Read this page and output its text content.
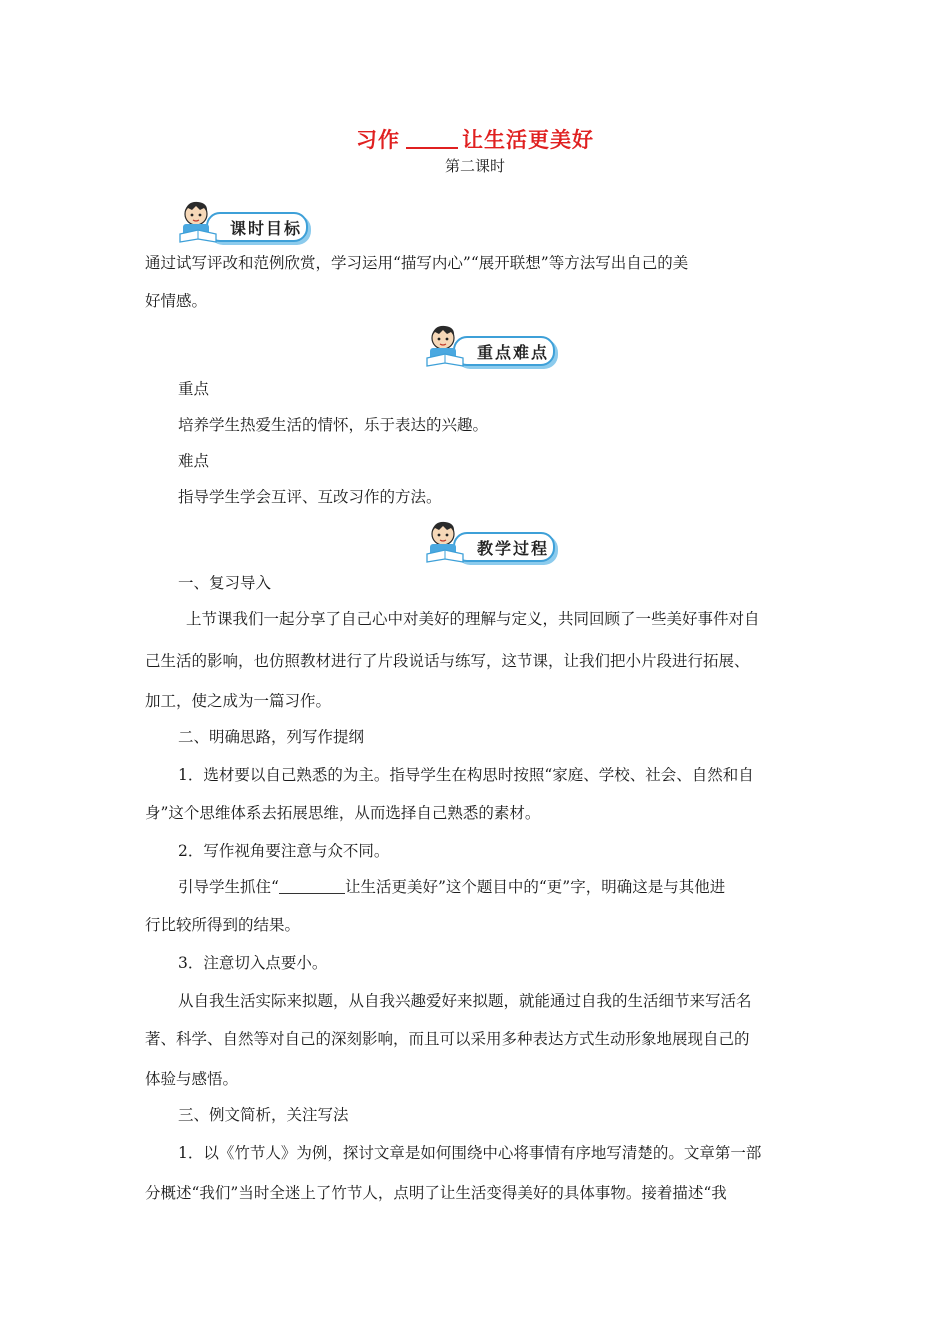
习作	让生活更美好
第二课时
课时目标
通过试写评改和范例欣赏，学习运用“描写内心”“展开联想”等方法写出自己的美
好情感。
重点难点
重点
培养学生热爱生活的情怀，乐于表达的兴趣。
难点
指导学生学会互评、互改习作的方法。
教学过程
一、复习导入
上节课我们一起分享了自己心中对美好的理解与定义，共同回顾了一些美好事件对自
己生活的影响，也仿照教材进行了片段说话与练写，这节课，让我们把小片段进行拓展、
加工，使之成为一篇习作。
二、明确思路，列写作提纲
1．选材要以自己熟悉的为主。指导学生在构思时按照“家庭、学校、社会、自然和自
身”这个思维体系去拓展思维，从而选择自己熟悉的素材。
2．写作视角要注意与众不同。
引导学生抓住“	让生活更美好”这个题目中的“更”字，明确这是与其他进
行比较所得到的结果。
3．注意切入点要小。
从自我生活实际来拟题，从自我兴趣爱好来拟题，就能通过自我的生活细节来写活名
著、科学、自然等对自己的深刻影响，而且可以采用多种表达方式生动形象地展现自己的
体验与感悟。
三、例文简析，关注写法
1．以《竹节人》为例，探讨文章是如何围绕中心将事情有序地写清楚的。文章第一部
分概述“我们”当时全迷上了竹节人，点明了让生活变得美好的具体事物。接着描述“我
